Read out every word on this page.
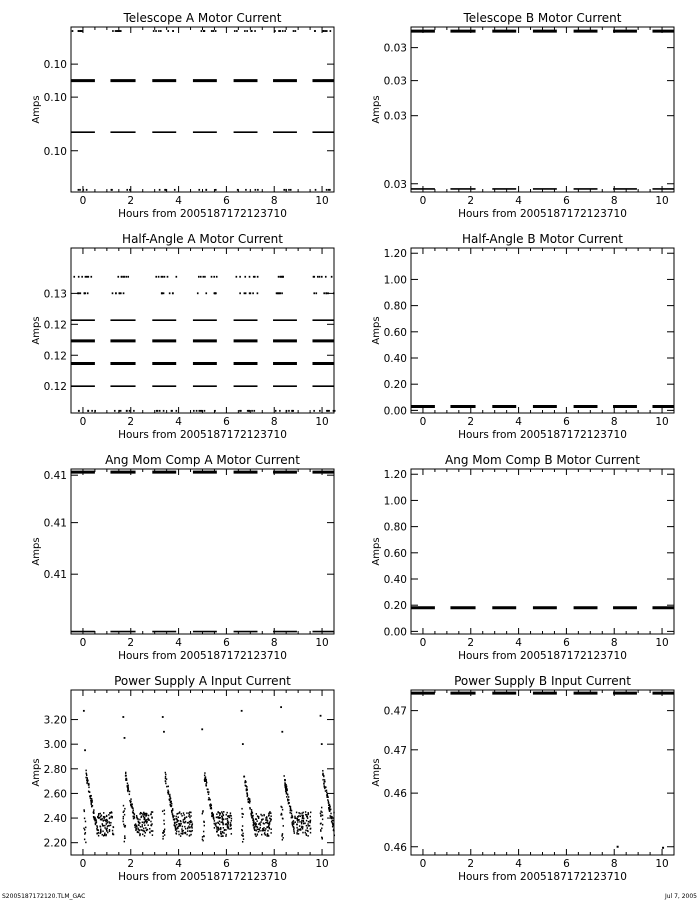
Telescope A Motor Current
Hours from 2005187172123710
Amps
0	2	4	6	8	10
0.10
0.10
0.10
Telescope B Motor Current
Hours from 2005187172123710
Amps
0	2	4	6	8	10
0.03
0.03
0.03
0.03
Half-Angle A Motor Current
Hours from 2005187172123710
Amps
0	2	4	6	8	10
0.12
0.12
0.12
0.13
Half-Angle B Motor Current
Hours from 2005187172123710
Amps
0	2	4	6	8	10
0.00
0.20
0.40
0.60
0.80
1.00
1.20
Ang Mom Comp A Motor Current
Hours from 2005187172123710
Amps
0	2	4	6	8	10
0.41
0.41
0.41
Ang Mom Comp B Motor Current
Hours from 2005187172123710
Amps
0	2	4	6	8	10
0.00
0.20
0.40
0.60
0.80
1.00
1.20
Power Supply A Input Current
Hours from 2005187172123710
Amps
0	2	4	6	8	10
2.20
2.40
2.60
2.80
3.00
3.20
Power Supply B Input Current
Hours from 2005187172123710
Amps
0	2	4	6	8	10
0.46
0.46
0.47
0.47
S2005187172120.TLM_GAC	Jul 7, 2005
